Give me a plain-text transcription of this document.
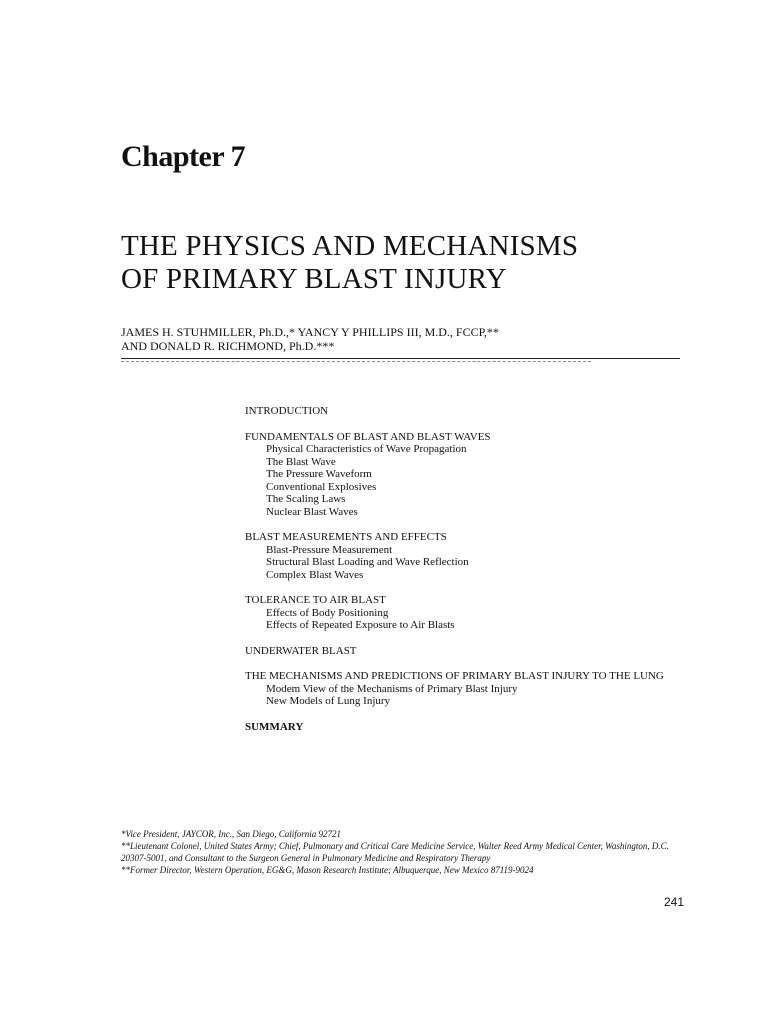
Chapter 7
THE PHYSICS AND MECHANISMS
OF PRIMARY BLAST INJURY
JAMES H. STUHMILLER, Ph.D.,* YANCY Y PHILLIPS III, M.D., FCCP,**
AND DONALD R. RICHMOND, Ph.D.***
INTRODUCTION
FUNDAMENTALS OF BLAST AND BLAST WAVES
Physical Characteristics of Wave Propagation
The Blast Wave
The Pressure Waveform
Conventional Explosives
The Scaling Laws
Nuclear Blast Waves
BLAST MEASUREMENTS AND EFFECTS
Blast-Pressure Measurement
Structural Blast Loading and Wave Reflection
Complex Blast Waves
TOLERANCE TO AIR BLAST
Effects of Body Positioning
Effects of Repeated Exposure to Air Blasts
UNDERWATER BLAST
THE MECHANISMS AND PREDICTIONS OF PRIMARY BLAST INJURY TO THE LUNG
Modem View of the Mechanisms of Primary Blast Injury
New Models of Lung Injury
SUMMARY
*Vice President, JAYCOR, Inc., San Diego, California 92721
**Lieutenant Colonel, United States Army; Chief, Pulmonary and Critical Care Medicine Service, Walter Reed Army Medical Center, Washington, D.C.
20307-5001, and Consultant to the Surgeon General in Pulmonary Medicine and Respiratory Therapy
**Former Director, Western Operation, EG&G, Mason Research Institute; Albuquerque, New Mexico 87119-9024
241
